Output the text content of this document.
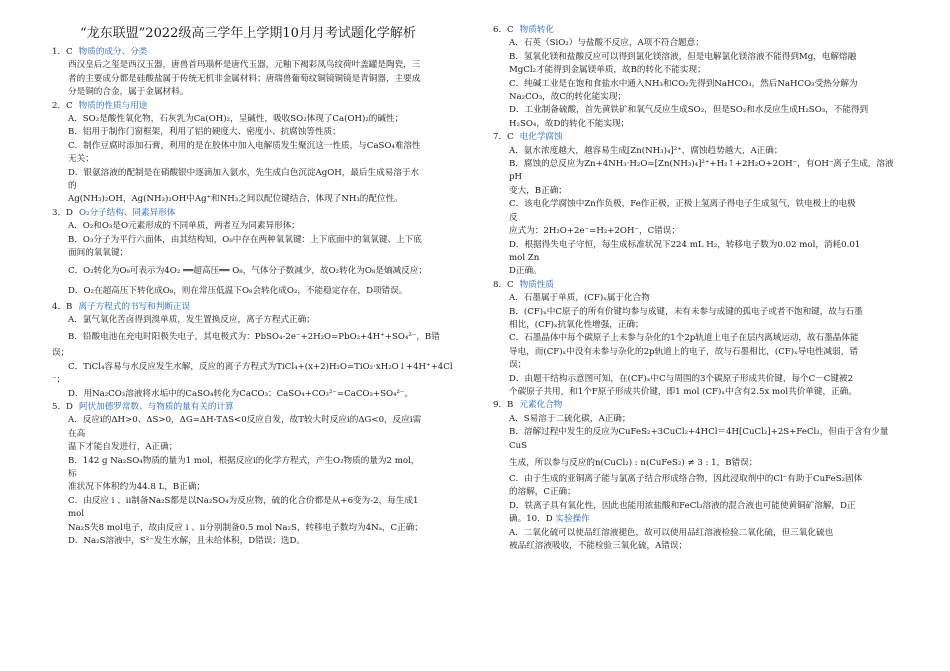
“龙东联盟”2022级高三学年上学期10月月考试题化学解析
1．C 物质的成分、分类
西汉皇后之玺是西汉玉器，唐兽首玛瑙杯是唐代玉器，元釉下褐彩凤鸟纹荷叶盖罐是陶瓷，三
者的主要成分都是硅酸盐属于传统无机非金属材料；唐瑞兽葡萄纹铜镜铜镜是青铜器，主要成
分是铜的合金，属于金属材料。
2．C 物质的性质与用途
A．SO₂是酸性氧化物，石灰乳为Ca(OH)₂，呈碱性，吸收SO₂体现了Ca(OH)₂的碱性；
B．铝用于制作门窗框架，利用了铝的硬度大、密度小、抗腐蚀等性质；
C．制作豆腐时添加石膏，利用的是在胶体中加入电解质发生聚沉这一性质，与CaSO₄难溶性
无关；
D．银氨溶液的配制是在硝酸银中逐滴加入氨水，先生成白色沉淀AgOH，最后生成易溶于水
的
Ag(NH₃)₂OH，Ag(NH₃)₂OH中Ag⁺和NH₃之间以配位键结合，体现了NH₃的配位性。
3．D O₂分子结构、同素异形体
A．O₂和O₃是O元素形成的不同单质，两者互为同素异形体；
B．O₃分子为平行六面体，由其结构知，O₈中存在两种氧氧键：上下底面中的氧氧键、上下底
面间的氧氧键；
C．O₂转化为O₈可表示为4O₂ ══超高压══ O₈，气体分子数减少，故O₂转化为O₈是熵减反应；
D．O₂在超高压下转化成O₈，则在常压低温下O₈会转化成O₂，不能稳定存在，D项错误。
4．B 离子方程式的书写和判断正误
A．氯气氧化苦卤得到溴单质，发生置换反应，离子方程式正确；
B．铅酸电池在充电时阳极失电子，其电极式为：PbSO₄-2e⁻+2H₂O=PbO₂+4H⁺+SO₄²⁻，B错
误；
C．TiCl₄容易与水反应发生水解，反应的离子方程式为TiCl₄+(x+2)H₂O=TiO₂·xH₂O↓+4H⁺+4Cl
⁻；
D．用Na₂CO₃溶液将水垢中的CaSO₄转化为CaCO₃：CaSO₄+CO₃²⁻=CaCO₃+SO₄²⁻。
5．D 阿伏加德罗常数、与物质的量有关的计算
A．反应i的ΔH>0、ΔS>0，ΔG=ΔH-TΔS<0反应自发，故T较大时反应i的ΔG<0，反应i需
在高
温下才能自发进行，A正确；
B．142 g Na₂SO₄物质的量为1 mol，根据反应i的化学方程式，产生O₂物质的量为2 mol，
标
准状况下体积约为44.8 L，B正确；
C．由反应 i 、ii制备Na₂S都是以Na₂SO₄为反应物，硫的化合价都是从+6变为-2，每生成1
mol
Na₂S失8 mol电子，故由反应 i 、ii分别制备0.5 mol Na₂S，转移电子数均为4Nₐ，C正确；
D．Na₂S溶液中，S²⁻发生水解，且未给体积，D错误；选D。
6．C 物质转化
A．石英（SiO₂）与盐酸不反应，A项不符合题意；
B．氢氧化镁和盐酸反应可以得到氯化镁溶液，但是电解氯化镁溶液不能得到Mg，电解熔融
MgCl₂才能得到金属镁单质，故B的转化不能实现；
C．纯碱工业是在饱和食盐水中通入NH₃和CO₂先得到NaHCO₃，然后NaHCO₃受热分解为
Na₂CO₃，故C的转化能实现；
D．工业制备硫酸，首先黄铁矿和氧气反应生成SO₂，但是SO₂和水反应生成H₂SO₃，不能得到
H₂SO₄，故D的转化不能实现；
7．C 电化学腐蚀
A．氨水浓度越大，越容易生成[Zn(NH₃)₄]²⁺，腐蚀趋势越大，A正确；
B．腐蚀的总反应为Zn+4NH₃·H₂O=[Zn(NH₃)₄]²⁺+H₂↑+2H₂O+2OH⁻，有OH⁻离子生成，溶液pH
变大，B正确；
C．该电化学腐蚀中Zn作负极，Fe作正极，正极上氢离子得电子生成氢气，铁电极上的电极
反
应式为：2H₂O+2e⁻=H₂+2OH⁻，C错误；
D．根据得失电子守恒，每生成标准状况下224 mL H₂，转移电子数为0.02 mol，消耗0.01
mol Zn
D正确。
8．C 物质性质
A．石墨属于单质，(CF)ₓ属于化合物
B．(CF)ₓ中C原子的所有价键均参与成键，未有未参与成键的孤电子或者不饱和键，故与石墨
相比，(CF)ₓ抗氧化性增强，正确；
C．石墨晶体中每个碳原子上未参与杂化的1个2p轨道上电子在层内离域运动，故石墨晶体能
导电，而(CF)ₓ中没有未参与杂化的2p轨道上的电子，故与石墨相比，(CF)ₓ导电性减弱，错
误；
D．由题干结构示意图可知，在(CF)ₓ中C与周围的3个碳原子形成共价键，每个C－C键被2
个碳原子共用，和1个F原子形成共价键，即1 mol (CF)ₓ中含有2.5x mol共价单键，正确。
9．B 元素化合物
A．S易溶于二硫化碳，A正确；
B．溶解过程中发生的反应为CuFeS₂+3CuCl₂+4HCl＝4H[CuCl₂]+2S+FeCl₂，但由于含有少量
CuS
生成，所以参与反应的n(CuCl₂) : n(CuFeS₂) ≠ 3 : 1，B错误；
C．由于生成的亚铜离子能与氯离子结合形成络合物，因此浸取剂中的Cl⁻有助于CuFeS₂固体
的溶解，C正确；
D．铁离子具有氧化性，因此也能用浓盐酸和FeCl₃溶液的混合液也可能使黄铜矿溶解，D正
确。10．D 实验操作
A．二氧化硫可以使品红溶液褪色，故可以使用品红溶液检验二氧化硫，但三氧化硫也
被品红溶液吸收，不能检验三氧化硫，A错误；
